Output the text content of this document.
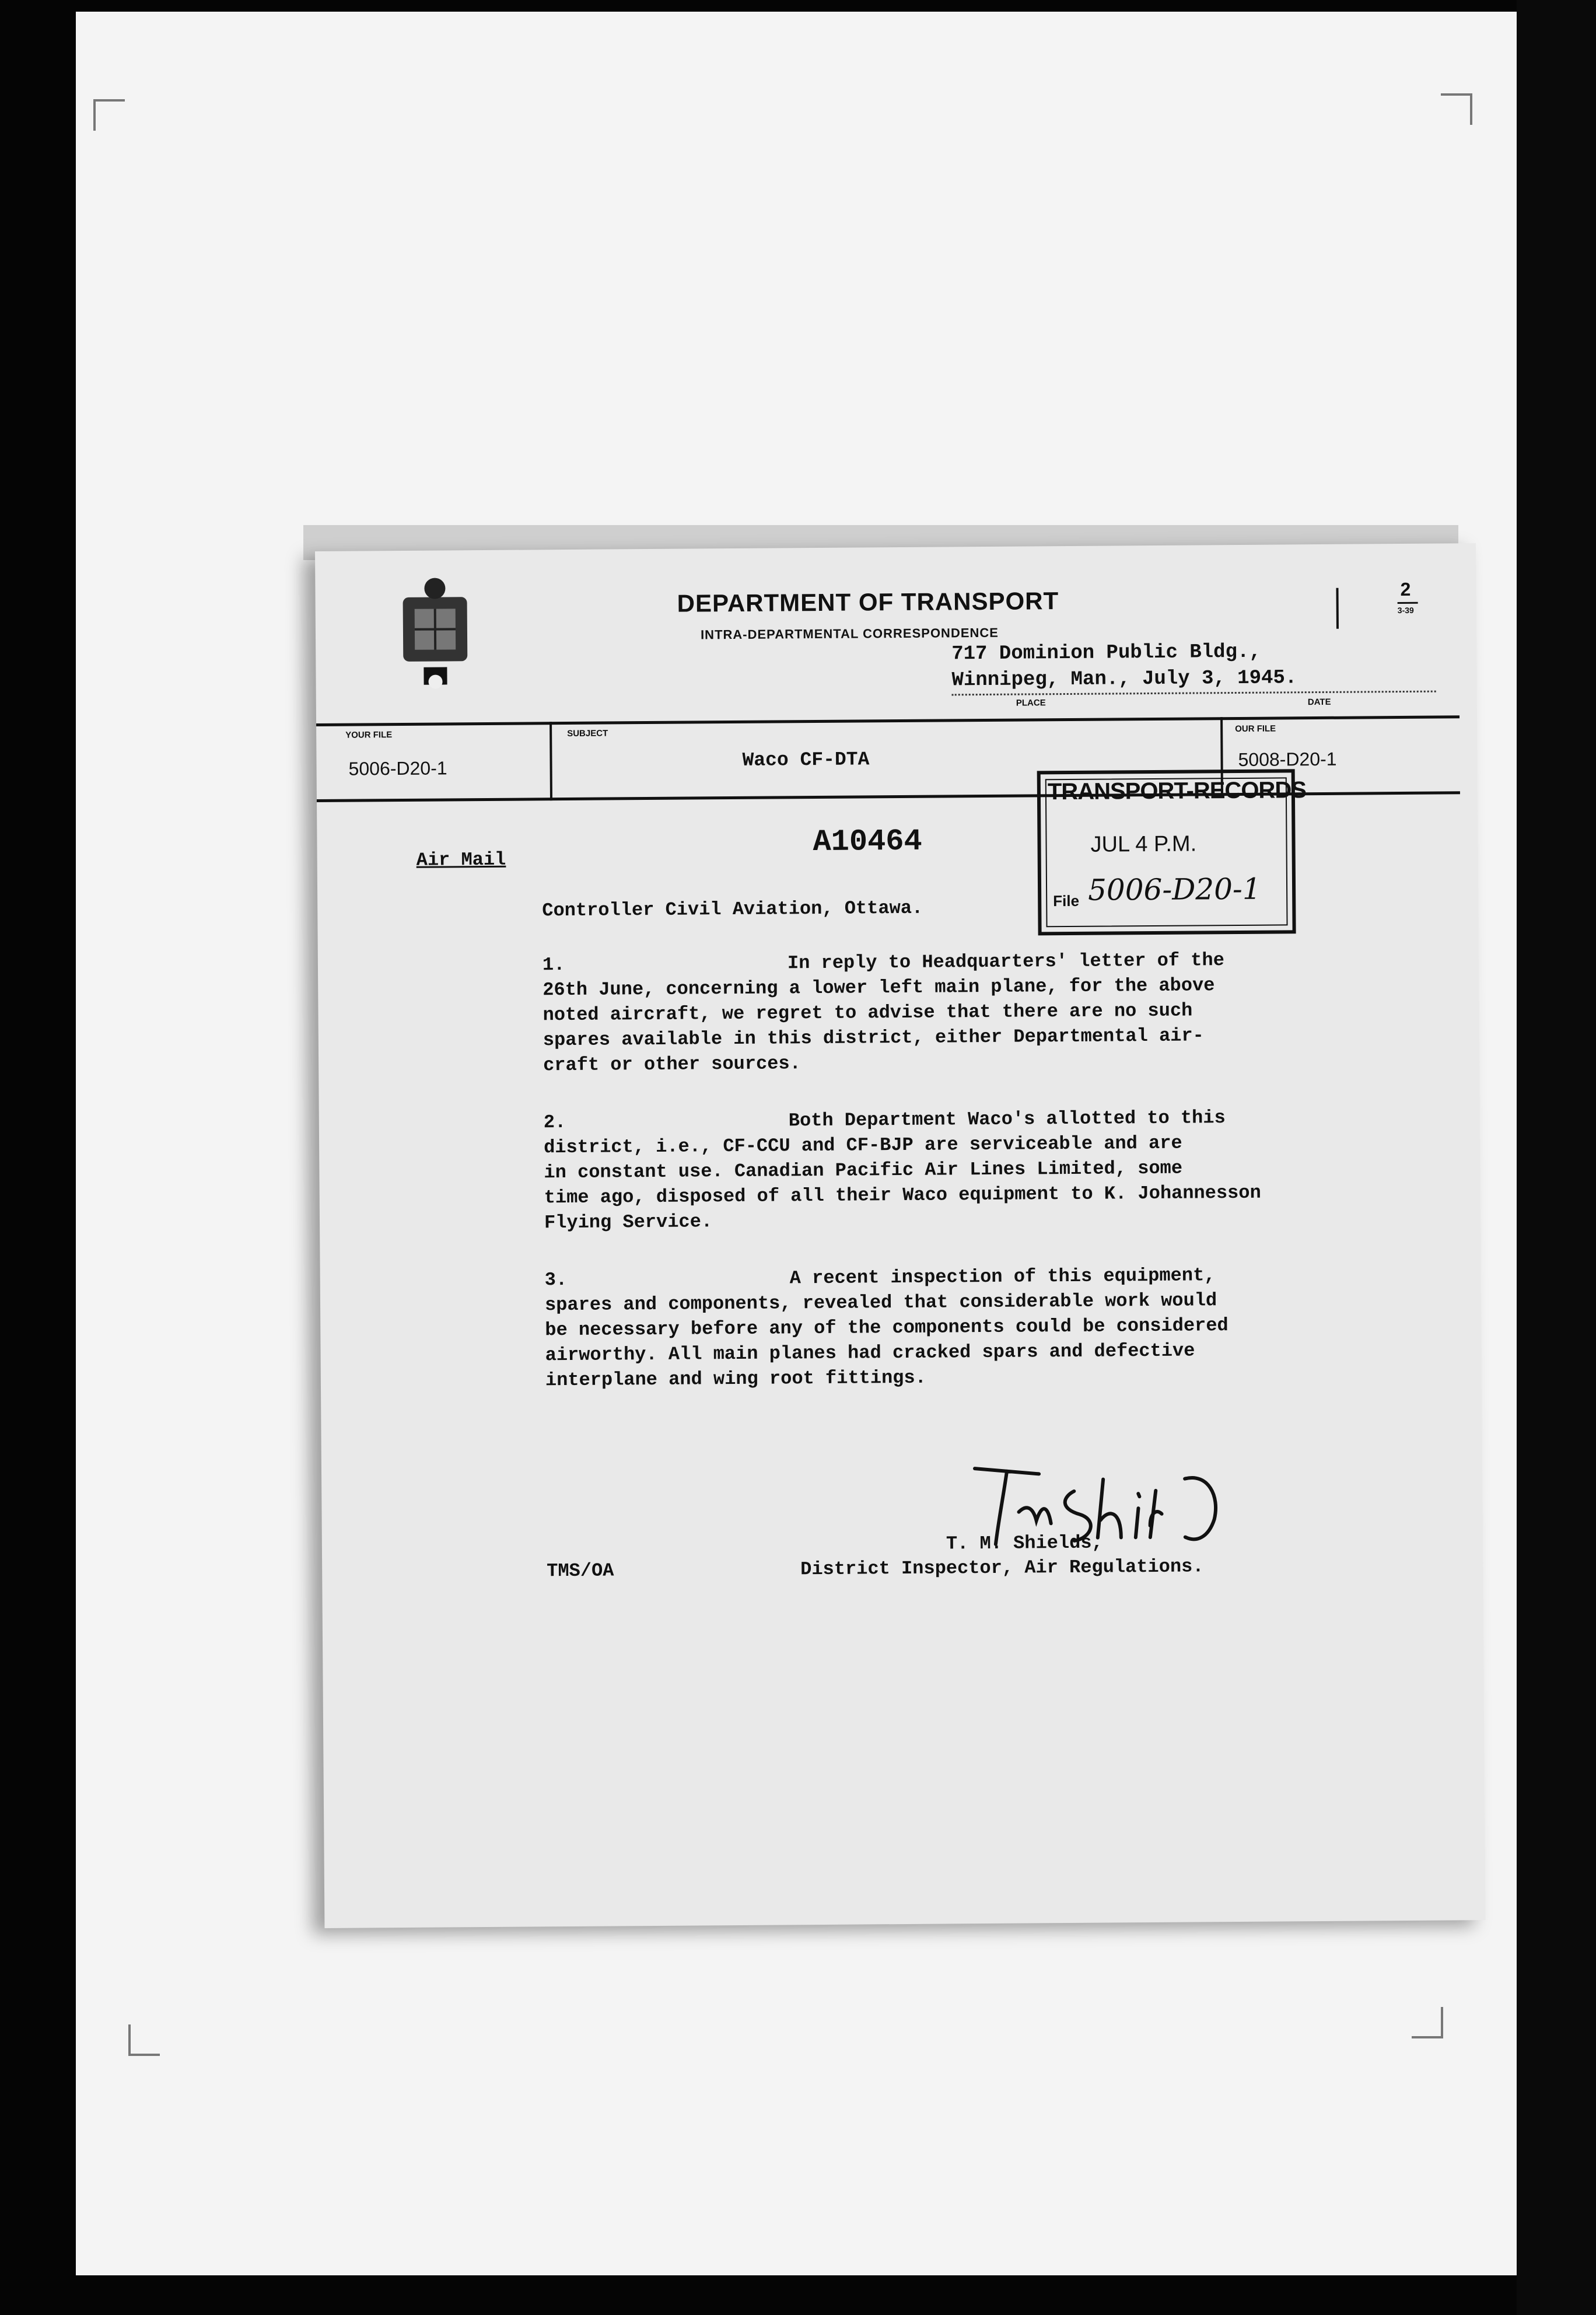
DEPARTMENT OF TRANSPORT
INTRA-DEPARTMENTAL CORRESPONDENCE
2
3-39
717 Dominion Public Bldg.,
Winnipeg, Man., July 3, 1945.
PLACE	DATE
YOUR FILE
5006-D20-1
SUBJECT
Waco CF-DTA
OUR FILE
5008-D20-1
Air Mail
A10464
TRANSPORT-RECORDS
JUL 4 P.M.
File 5006-D20-1
Controller Civil Aviation, Ottawa.
1.	In reply to Headquarters' letter of the
26th June, concerning a lower left main plane, for the above
noted aircraft, we regret to advise that there are no such
spares available in this district, either Departmental air-
craft or other sources.
2.	Both Department Waco's allotted to this
district, i.e., CF-CCU and CF-BJP are serviceable and are
in constant use. Canadian Pacific Air Lines Limited, some
time ago, disposed of all their Waco equipment to K. Johannesson
Flying Service.
3.	A recent inspection of this equipment,
spares and components, revealed that considerable work would
be necessary before any of the components could be considered
airworthy. All main planes had cracked spars and defective
interplane and wing root fittings.
T. M. Shields,
District Inspector, Air Regulations.
TMS/OA
